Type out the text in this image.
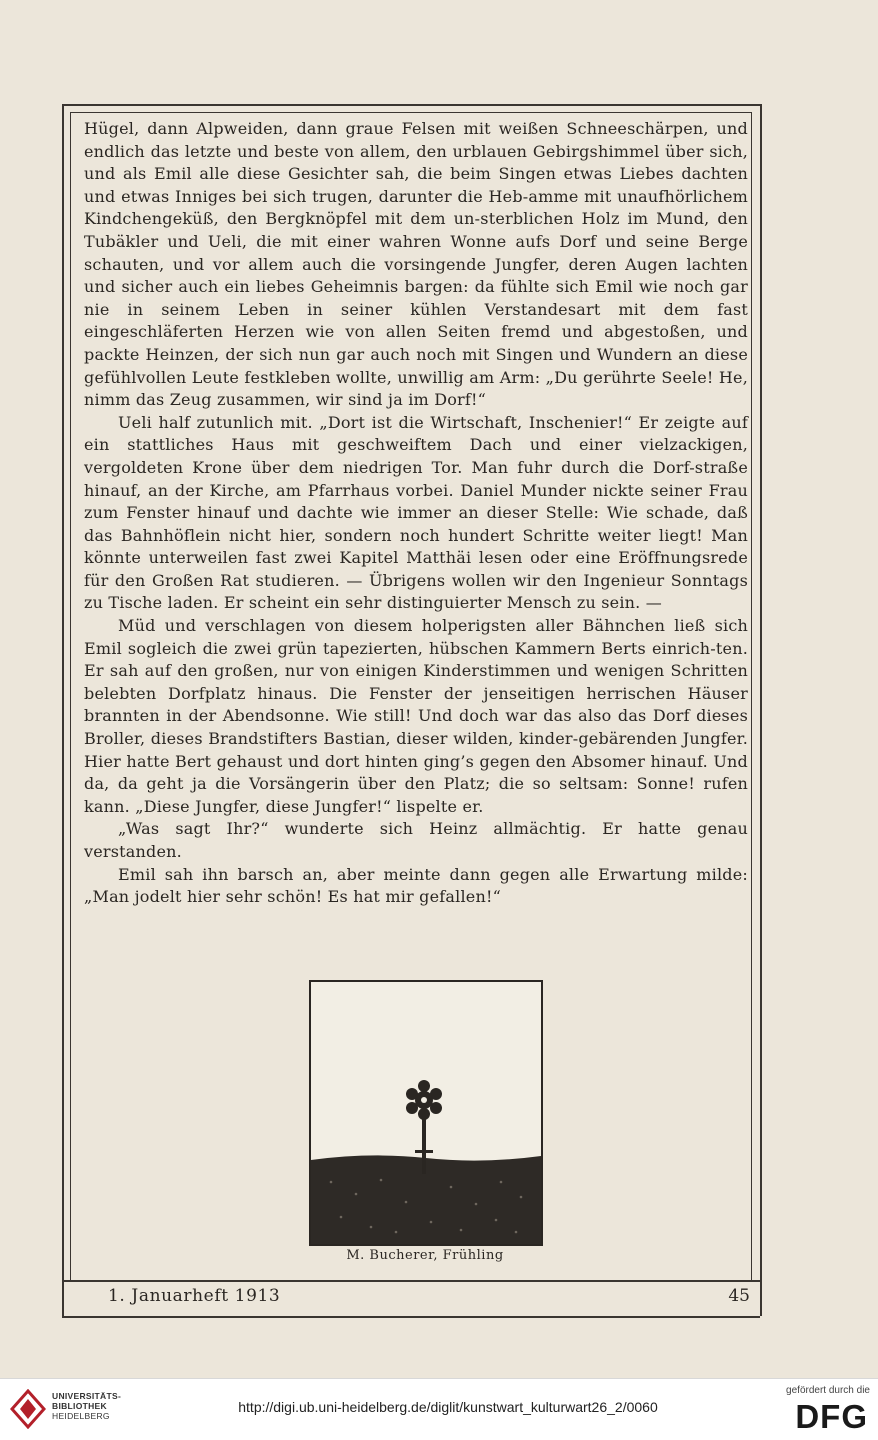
Hügel, dann Alpweiden, dann graue Felsen mit weißen Schneeschärpen, und endlich das letzte und beste von allem, den urblauen Gebirgshimmel über sich, und als Emil alle diese Gesichter sah, die beim Singen etwas Liebes dachten und etwas Inniges bei sich trugen, darunter die Heb-amme mit unaufhörlichem Kindchengeküß, den Bergknöpfel mit dem un-sterblichen Holz im Mund, den Tubäkler und Ueli, die mit einer wahren Wonne aufs Dorf und seine Berge schauten, und vor allem auch die vorsingende Jungfer, deren Augen lachten und sicher auch ein liebes Geheimnis bargen: da fühlte sich Emil wie noch gar nie in seinem Leben in seiner kühlen Verstandesart mit dem fast eingeschläferten Herzen wie von allen Seiten fremd und abgestoßen, und packte Heinzen, der sich nun gar auch noch mit Singen und Wundern an diese gefühlvollen Leute festkleben wollte, unwillig am Arm: „Du gerührte Seele! He, nimm das Zeug zusammen, wir sind ja im Dorf!“

Ueli half zutunlich mit. „Dort ist die Wirtschaft, Inschenier!“ Er zeigte auf ein stattliches Haus mit geschweiftem Dach und einer vielzackigen, vergoldeten Krone über dem niedrigen Tor. Man fuhr durch die Dorf-straße hinauf, an der Kirche, am Pfarrhaus vorbei. Daniel Munder nickte seiner Frau zum Fenster hinauf und dachte wie immer an dieser Stelle: Wie schade, daß das Bahnhöflein nicht hier, sondern noch hundert Schritte weiter liegt! Man könnte unterweilen fast zwei Kapitel Matthäi lesen oder eine Eröffnungsrede für den Großen Rat studieren. — Übrigens wollen wir den Ingenieur Sonntags zu Tische laden. Er scheint ein sehr distinguierter Mensch zu sein. —

Müd und verschlagen von diesem holperigsten aller Bähnchen ließ sich Emil sogleich die zwei grün tapezierten, hübschen Kammern Berts einrich-ten. Er sah auf den großen, nur von einigen Kinderstimmen und wenigen Schritten belebten Dorfplatz hinaus. Die Fenster der jenseitigen herrischen Häuser brannten in der Abendsonne. Wie still! Und doch war das also das Dorf dieses Broller, dieses Brandstifters Bastian, dieser wilden, kinder-gebärenden Jungfer. Hier hatte Bert gehaust und dort hinten ging’s gegen den Absomer hinauf. Und da, da geht ja die Vorsängerin über den Platz; die so seltsam: Sonne! rufen kann. „Diese Jungfer, diese Jungfer!“ lispelte er.

„Was sagt Ihr?“ wunderte sich Heinz allmächtig. Er hatte genau verstanden.

Emil sah ihn barsch an, aber meinte dann gegen alle Erwartung milde: „Man jodelt hier sehr schön! Es hat mir gefallen!“

M. Bucherer, Frühling
1. Januarheft 1913	45
UNIVERSITÄTS-
BIBLIOTHEK
HEIDELBERG
http://digi.ub.uni-heidelberg.de/diglit/kunstwart_kulturwart26_2/0060
gefördert durch die
DFG
